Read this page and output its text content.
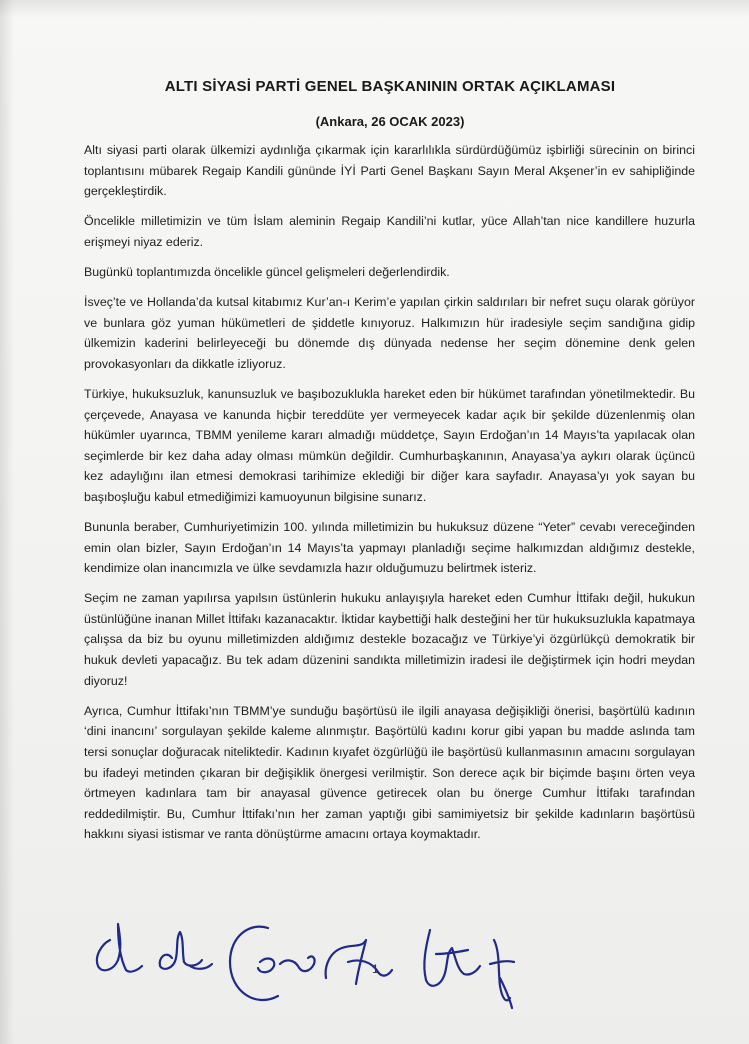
ALTI SİYASİ PARTİ GENEL BAŞKANININ ORTAK AÇIKLAMASI
(Ankara, 26 OCAK 2023)

Altı siyasi parti olarak ülkemizi aydınlığa çıkarmak için kararlılıkla sürdürdüğümüz işbirliği sürecinin on birinci toplantısını mübarek Regaip Kandili gününde İYİ Parti Genel Başkanı Sayın Meral Akşener’in ev sahipliğinde gerçekleştirdik.

Öncelikle milletimizin ve tüm İslam aleminin Regaip Kandili’ni kutlar, yüce Allah’tan nice kandillere huzurla erişmeyi niyaz ederiz.

Bugünkü toplantımızda öncelikle güncel gelişmeleri değerlendirdik.

İsveç’te ve Hollanda’da kutsal kitabımız Kur’an-ı Kerim’e yapılan çirkin saldırıları bir nefret suçu olarak görüyor ve bunlara göz yuman hükümetleri de şiddetle kınıyoruz. Halkımızın hür iradesiyle seçim sandığına gidip ülkemizin kaderini belirleyeceği bu dönemde dış dünyada nedense her seçim dönemine denk gelen provokasyonları da dikkatle izliyoruz.

Türkiye, hukuksuzluk, kanunsuzluk ve başıbozuklukla hareket eden bir hükümet tarafından yönetilmektedir. Bu çerçevede, Anayasa ve kanunda hiçbir tereddüte yer vermeyecek kadar açık bir şekilde düzenlenmiş olan hükümler uyarınca, TBMM yenileme kararı almadığı müddetçe, Sayın Erdoğan’ın 14 Mayıs’ta yapılacak olan seçimlerde bir kez daha aday olması mümkün değildir. Cumhurbaşkanının, Anayasa’ya aykırı olarak üçüncü kez adaylığını ilan etmesi demokrasi tarihimize eklediği bir diğer kara sayfadır. Anayasa’yı yok sayan bu başıboşluğu kabul etmediğimizi kamuoyunun bilgisine sunarız.

Bununla beraber, Cumhuriyetimizin 100. yılında milletimizin bu hukuksuz düzene “Yeter” cevabı vereceğinden emin olan bizler, Sayın Erdoğan’ın 14 Mayıs’ta yapmayı planladığı seçime halkımızdan aldığımız destekle, kendimize olan inancımızla ve ülke sevdamızla hazır olduğumuzu belirtmek isteriz.

Seçim ne zaman yapılırsa yapılsın üstünlerin hukuku anlayışıyla hareket eden Cumhur İttifakı değil, hukukun üstünlüğüne inanan Millet İttifakı kazanacaktır. İktidar kaybettiği halk desteğini her tür hukuksuzlukla kapatmaya çalışsa da biz bu oyunu milletimizden aldığımız destekle bozacağız ve Türkiye’yi özgürlükçü demokratik bir hukuk devleti yapacağız. Bu tek adam düzenini sandıkta milletimizin iradesi ile değiştirmek için hodri meydan diyoruz!

Ayrıca, Cumhur İttifakı’nın TBMM’ye sunduğu başörtüsü ile ilgili anayasa değişikliği önerisi, başörtülü kadının ‘dini inancını’ sorgulayan şekilde kaleme alınmıştır. Başörtülü kadını korur gibi yapan bu madde aslında tam tersi sonuçlar doğuracak niteliktedir. Kadının kıyafet özgürlüğü ile başörtüsü kullanmasının amacını sorgulayan bu ifadeyi metinden çıkaran bir değişiklik önergesi verilmiştir. Son derece açık bir biçimde başını örten veya örtmeyen kadınlara tam bir anayasal güvence getirecek olan bu önerge Cumhur İttifakı tarafından reddedilmiştir. Bu, Cumhur İttifakı’nın her zaman yaptığı gibi samimiyetsiz bir şekilde kadınların başörtüsü hakkını siyasi istismar ve ranta dönüştürme amacını ortaya koymaktadır.

1
